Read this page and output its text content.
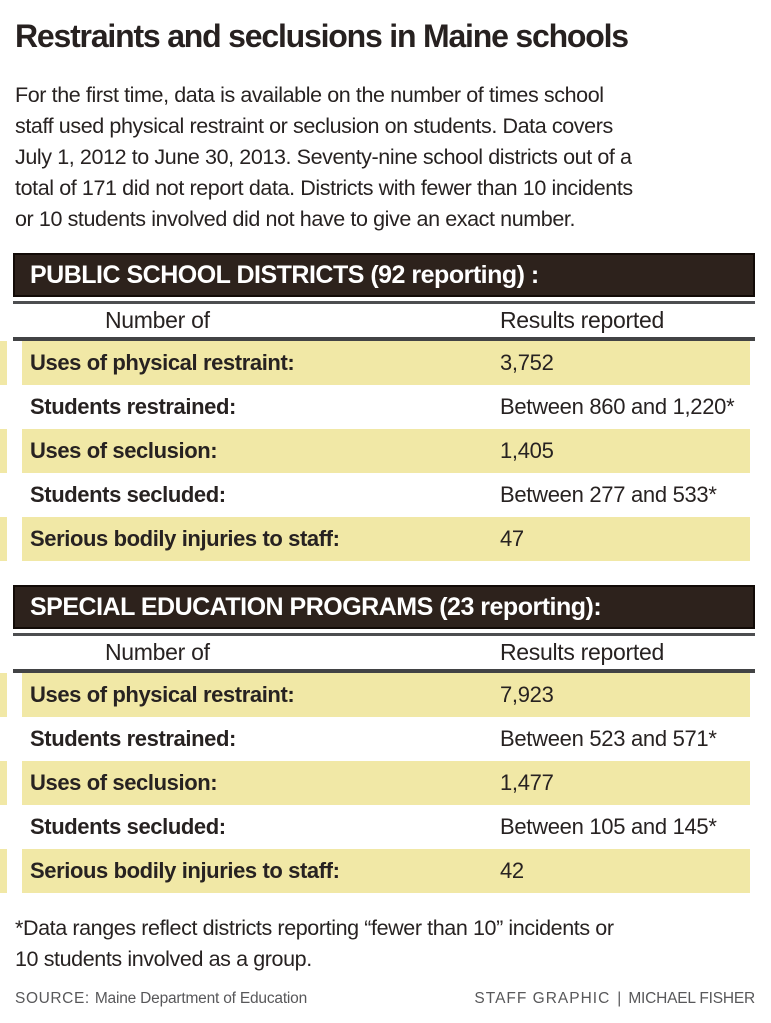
Restraints and seclusions in Maine schools
For the first time, data is available on the number of times school
staff used physical restraint or seclusion on students. Data covers
July 1, 2012 to June 30, 2013. Seventy-nine school districts out of a
total of 171 did not report data. Districts with fewer than 10 incidents
or 10 students involved did not have to give an exact number.
PUBLIC SCHOOL DISTRICTS (92 reporting) :
Number of	Results reported
Uses of physical restraint:	3,752
Students restrained:	Between 860 and 1,220*
Uses of seclusion:	1,405
Students secluded:	Between 277 and 533*
Serious bodily injuries to staff:	47
SPECIAL EDUCATION PROGRAMS (23 reporting):
Number of	Results reported
Uses of physical restraint:	7,923
Students restrained:	Between 523 and 571*
Uses of seclusion:	1,477
Students secluded:	Between 105 and 145*
Serious bodily injuries to staff:	42
*Data ranges reflect districts reporting “fewer than 10” incidents or
10 students involved as a group.
SOURCE: Maine Department of Education	STAFF GRAPHIC | MICHAEL FISHER
